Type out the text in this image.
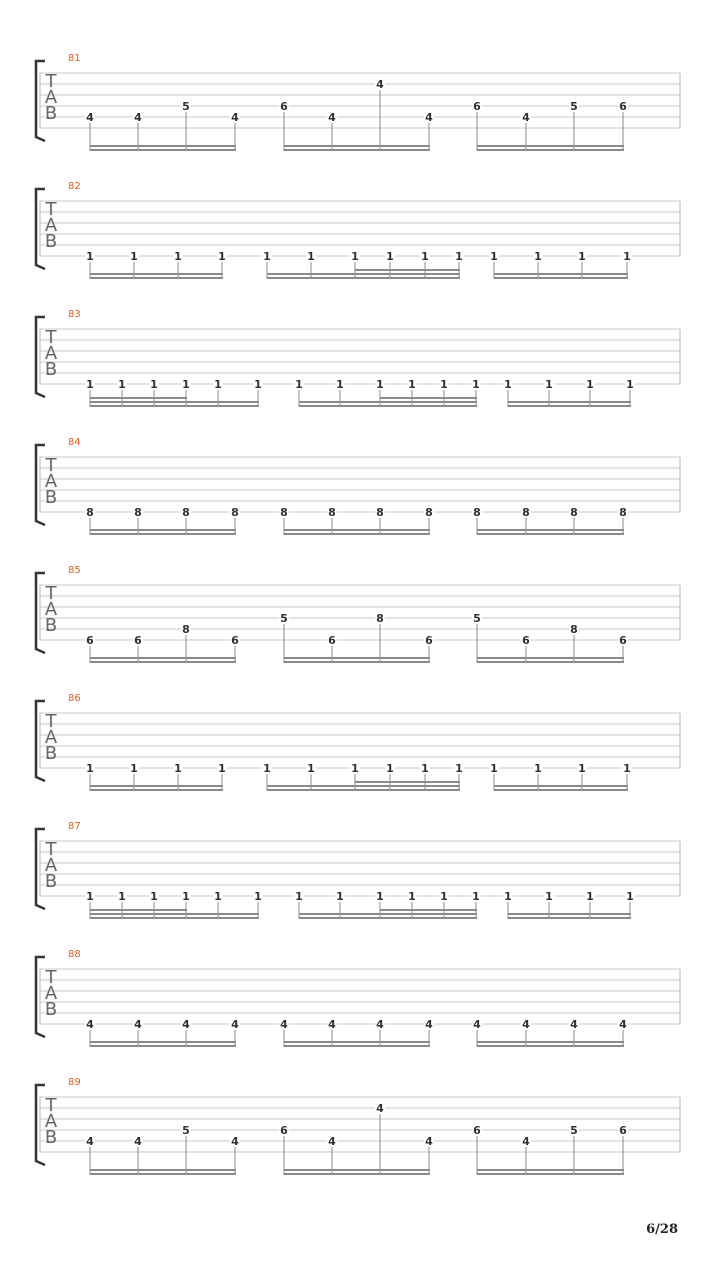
81
T
A
B	4	4
5
4
6
4
4
4
6
4
5	6
82
T
A
B
1	1	1	1	1	1	1 1 1 1 1	1	1	1
83
T
A
B
1 1 1 1 1	1	1	1	1 1 1 1 1	1	1	1
84
T
A
B
8	8	8	8	8	8	8	8	8	8	8	8
85
T
A
B
6	6
8
6
5
6
8
6
5
6
8
6
86
T
A
B
1	1	1	1	1	1	1 1 1 1 1	1	1	1
87
T
A
B
1 1 1 1 1	1	1	1	1 1 1 1 1	1	1	1
88
T
A
B
4	4	4	4	4	4	4	4	4	4	4	4
89
T
A
B	4	4
5
4
6
4
4
4
6
4
5	6
6/28
